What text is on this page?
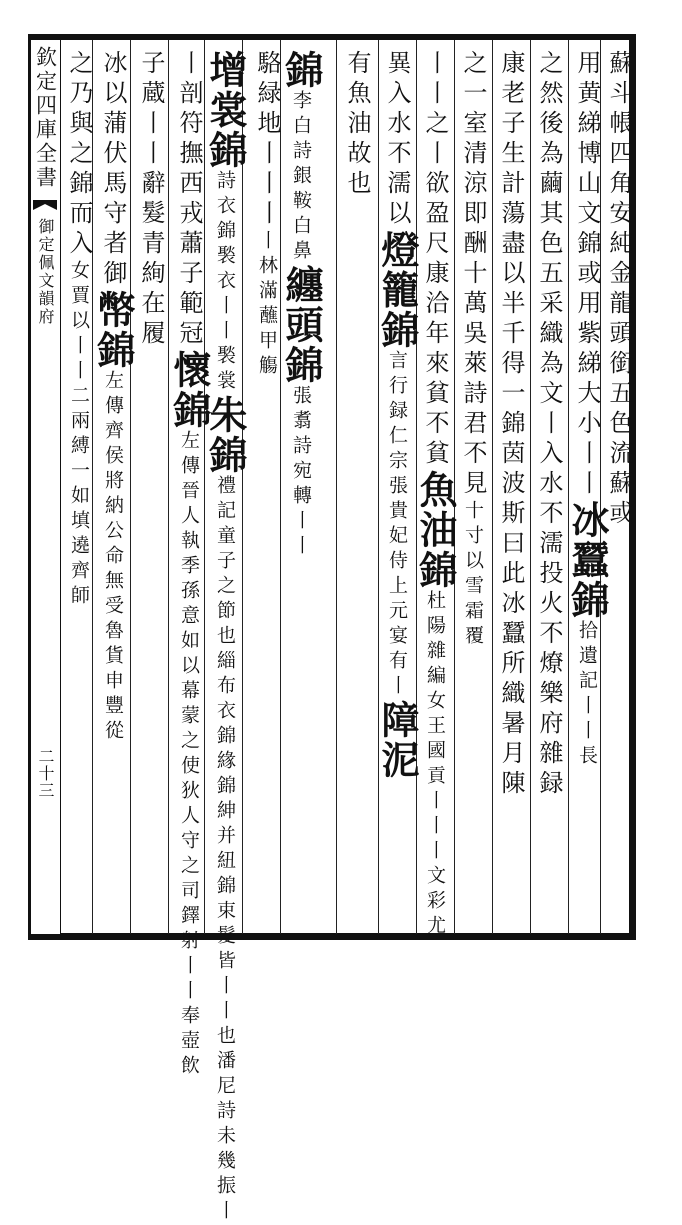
欽定四庫全書
御定佩文韻府
二十三
蘇斗帳四角安純金龍頭銜五色流蘇或
用黄綈博山文錦或用紫綈大小丨丨冰蠶錦拾遺記丨丨長
之然後為繭其色五采織為文丨入水不濡投火不燎樂府雜録
康老子生計蕩盡以半千得一錦茵波斯曰此冰蠶所織暑月陳
之一室清涼即酬十萬吳萊詩君不見十寸以雪霜覆
丨丨之丨欲盈尺康洽年來貧不貧魚油錦杜陽雜編女王國貢丨丨丨文彩尤
異入水不濡以燈籠錦言行録仁宗張貴妃侍上元宴有丨障泥
有魚油故也
錦李白詩銀鞍白鼻纏頭錦張翥詩宛轉丨丨
駱緑地丨丨丨丨林滿蘸甲觴
增裳錦詩衣錦褧衣丨丨褧裳朱錦禮記童子之節也緇布衣錦緣錦紳并紐錦束髮皆丨丨也潘尼詩未幾振丨
丨剖符撫西戎蕭子範冠懷錦左傳晉人執季孫意如以幕蒙之使狄人守之司鐸射丨丨奉壺飲
子蔵丨丨辭髮青絢在履
冰以蒲伏馬守者御幣錦左傳齊侯將納公命無受魯貨申豐從
之乃與之錦而入女賈以丨丨二兩縛一如填遶齊師
